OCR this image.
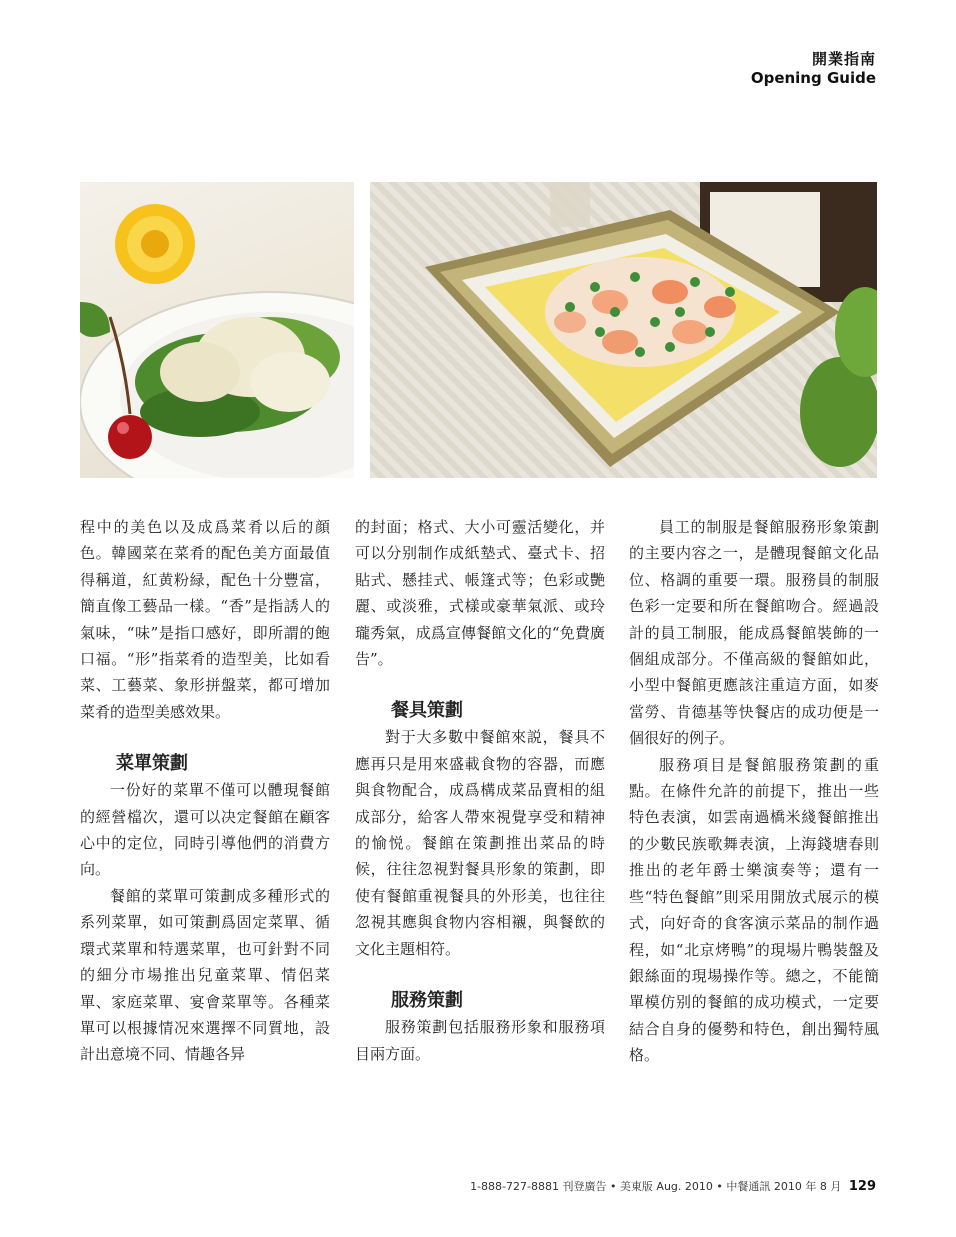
開業指南
Opening Guide

程中的美色以及成爲菜肴以后的顔色。韓國菜在菜肴的配色美方面最值得稱道，紅黄粉緑，配色十分豐富，簡直像工藝品一樣。“香”是指誘人的氣味，“味”是指口感好，即所謂的飽口福。“形”指菜肴的造型美，比如看菜、工藝菜、象形拼盤菜，都可增加菜肴的造型美感效果。

菜單策劃

一份好的菜單不僅可以體現餐館的經營檔次，還可以决定餐館在顧客心中的定位，同時引導他們的消費方向。

餐館的菜單可策劃成多種形式的系列菜單，如可策劃爲固定菜單、循環式菜單和特選菜單，也可針對不同的細分市場推出兒童菜單、情侶菜單、家庭菜單、宴會菜單等。各種菜單可以根據情况來選擇不同質地，設計出意境不同、情趣各异

的封面；格式、大小可靈活變化，并可以分别制作成紙墊式、臺式卡、招貼式、懸挂式、帳篷式等；色彩或艷麗、或淡雅，式樣或豪華氣派、或玲瓏秀氣，成爲宣傳餐館文化的“免費廣告”。

餐具策劃

對于大多數中餐館來説，餐具不應再只是用來盛載食物的容器，而應與食物配合，成爲構成菜品賣相的組成部分，給客人帶來視覺享受和精神的愉悦。餐館在策劃推出菜品的時候，往往忽視對餐具形象的策劃，即使有餐館重視餐具的外形美，也往往忽視其應與食物内容相襯，與餐飲的文化主題相符。

服務策劃

服務策劃包括服務形象和服務項目兩方面。

員工的制服是餐館服務形象策劃的主要内容之一，是體現餐館文化品位、格調的重要一環。服務員的制服色彩一定要和所在餐館吻合。經過設計的員工制服，能成爲餐館裝飾的一個組成部分。不僅高級的餐館如此，小型中餐館更應該注重這方面，如麥當勞、肯德基等快餐店的成功便是一個很好的例子。

服務項目是餐館服務策劃的重點。在條件允許的前提下，推出一些特色表演，如雲南過橋米綫餐館推出的少數民族歌舞表演，上海錢塘春則推出的老年爵士樂演奏等；還有一些“特色餐館”則采用開放式展示的模式，向好奇的食客演示菜品的制作過程，如“北京烤鴨”的現場片鴨裝盤及銀絲面的現場操作等。總之，不能簡單模仿别的餐館的成功模式，一定要結合自身的優勢和特色，創出獨特風格。

1-888-727-8881 刊登廣告 • 美東版 Aug. 2010 • 中餐通訊 2010 年 8 月 129
